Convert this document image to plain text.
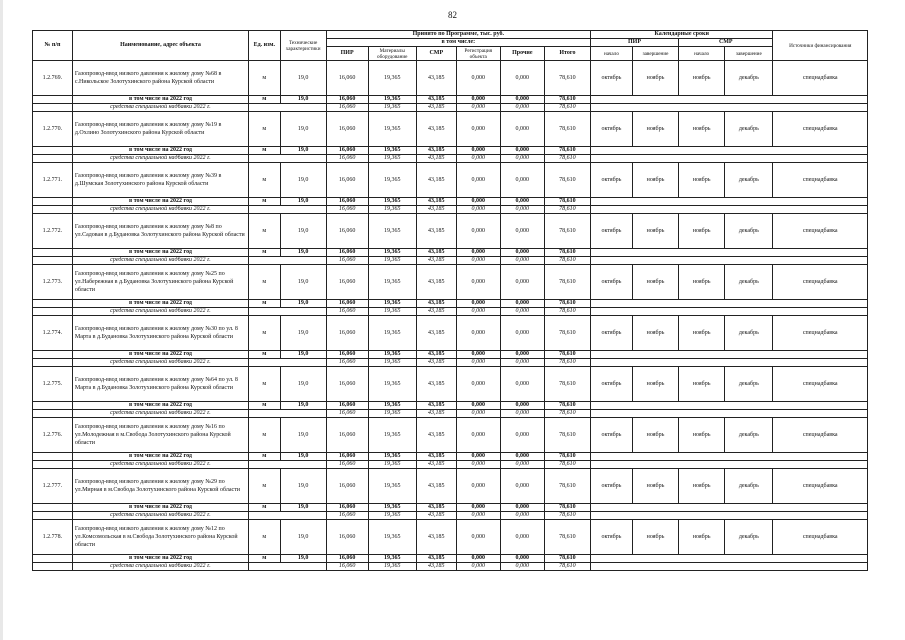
82
№ п/п	Наименование, адрес объекта	Ед. изм.	Технические характеристики	Принято по Программе, тыс. руб.						Календарные сроки				Источники финансирования
				в том числе:						ПИР		СМР		
				ПИР	Материалы оборудование	СМР	Регистрация объекта	Прочие	Итого	начало	завершение	начало	завершение	
1.2.769.	Газопровод-ввод низкого давления к жилому дому №68 в с.Никольское Золотухинского района Курской области	м	19,0	16,060	19,365	43,185	0,000	0,000	78,610	октябрь	ноябрь	ноябрь	декабрь	спецнадбавка
	в том числе на 2022 год	м	19,0	16,060	19,365	43,185	0,000	0,000	78,610					
	средства специальной надбавки 2022 г.			16,060	19,365	43,185	0,000	0,000	78,610					
1.2.770.	Газопровод-ввод низкого давления к жилому дому №19 в д.Охлино Золотухинского района Курской области	м	19,0	16,060	19,365	43,185	0,000	0,000	78,610	октябрь	ноябрь	ноябрь	декабрь	спецнадбавка
	в том числе на 2022 год	м	19,0	16,060	19,365	43,185	0,000	0,000	78,610					
	средства специальной надбавки 2022 г.			16,060	19,365	43,185	0,000	0,000	78,610					
1.2.771.	Газопровод-ввод низкого давления к жилому дому №39 в д.Шумская Золотухинского района Курской области	м	19,0	16,060	19,365	43,185	0,000	0,000	78,610	октябрь	ноябрь	ноябрь	декабрь	спецнадбавка
	в том числе на 2022 год	м	19,0	16,060	19,365	43,185	0,000	0,000	78,610					
	средства специальной надбавки 2022 г.			16,060	19,365	43,185	0,000	0,000	78,610					
1.2.772.	Газопровод-ввод низкого давления к жилому дому №8 по ул.Садовая в д.Будановка Золотухинского района Курской области	м	19,0	16,060	19,365	43,185	0,000	0,000	78,610	октябрь	ноябрь	ноябрь	декабрь	спецнадбавка
	в том числе на 2022 год	м	19,0	16,060	19,365	43,185	0,000	0,000	78,610					
	средства специальной надбавки 2022 г.			16,060	19,365	43,185	0,000	0,000	78,610					
1.2.773.	Газопровод-ввод низкого давления к жилому дому №25 по ул.Набережная в д.Будановка Золотухинского района Курской области	м	19,0	16,060	19,365	43,185	0,000	0,000	78,610	октябрь	ноябрь	ноябрь	декабрь	спецнадбавка
	в том числе на 2022 год	м	19,0	16,060	19,365	43,185	0,000	0,000	78,610					
	средства специальной надбавки 2022 г.			16,060	19,365	43,185	0,000	0,000	78,610					
1.2.774.	Газопровод-ввод низкого давления к жилому дому №30 по ул. 8 Марта в д.Будановка Золотухинского района Курской области	м	19,0	16,060	19,365	43,185	0,000	0,000	78,610	октябрь	ноябрь	ноябрь	декабрь	спецнадбавка
	в том числе на 2022 год	м	19,0	16,060	19,365	43,185	0,000	0,000	78,610					
	средства специальной надбавки 2022 г.			16,060	19,365	43,185	0,000	0,000	78,610					
1.2.775.	Газопровод-ввод низкого давления к жилому дому №64 по ул. 8 Марта в д.Будановка Золотухинского района Курской области	м	19,0	16,060	19,365	43,185	0,000	0,000	78,610	октябрь	ноябрь	ноябрь	декабрь	спецнадбавка
	в том числе на 2022 год	м	19,0	16,060	19,365	43,185	0,000	0,000	78,610					
	средства специальной надбавки 2022 г.			16,060	19,365	43,185	0,000	0,000	78,610					
1.2.776.	Газопровод-ввод низкого давления к жилому дому №16 по ул.Молодежная в м.Свобода Золотухинского района Курской области	м	19,0	16,060	19,365	43,185	0,000	0,000	78,610	октябрь	ноябрь	ноябрь	декабрь	спецнадбавка
	в том числе на 2022 год	м	19,0	16,060	19,365	43,185	0,000	0,000	78,610					
	средства специальной надбавки 2022 г.			16,060	19,365	43,185	0,000	0,000	78,610					
1.2.777.	Газопровод-ввод низкого давления к жилому дому №29 по ул.Мирная в м.Свобода Золотухинского района Курской области	м	19,0	16,060	19,365	43,185	0,000	0,000	78,610	октябрь	ноябрь	ноябрь	декабрь	спецнадбавка
	в том числе на 2022 год	м	19,0	16,060	19,365	43,185	0,000	0,000	78,610					
	средства специальной надбавки 2022 г.			16,060	19,365	43,185	0,000	0,000	78,610					
1.2.778.	Газопровод-ввод низкого давления к жилому дому №12 по ул.Комсомольская в м.Свобода Золотухинского района Курской области	м	19,0	16,060	19,365	43,185	0,000	0,000	78,610	октябрь	ноябрь	ноябрь	декабрь	спецнадбавка
	в том числе на 2022 год	м	19,0	16,060	19,365	43,185	0,000	0,000	78,610					
	средства специальной надбавки 2022 г.			16,060	19,365	43,185	0,000	0,000	78,610					
